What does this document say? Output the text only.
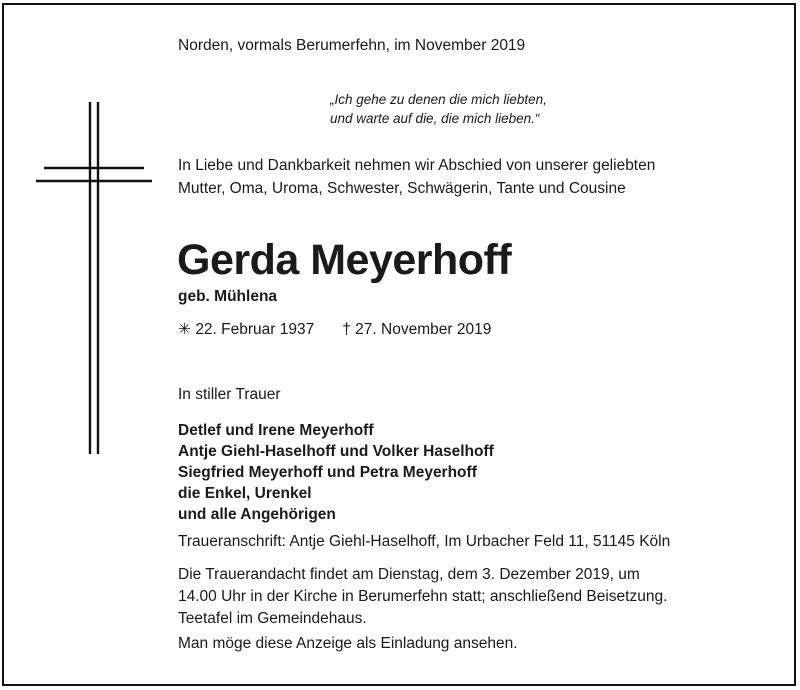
Norden, vormals Berumerfehn, im November 2019
„Ich gehe zu denen die mich liebten,
und warte auf die, die mich lieben.“
In Liebe und Dankbarkeit nehmen wir Abschied von unserer geliebten
Mutter, Oma, Uroma, Schwester, Schwägerin, Tante und Cousine
Gerda Meyerhoff
geb. Mühlena
✳ 22. Februar 1937 † 27. November 2019
In stiller Trauer
Detlef und Irene Meyerhoff
Antje Giehl-Haselhoff und Volker Haselhoff
Siegfried Meyerhoff und Petra Meyerhoff
die Enkel, Urenkel
und alle Angehörigen
Traueranschrift: Antje Giehl-Haselhoff, Im Urbacher Feld 11, 51145 Köln
Die Trauerandacht findet am Dienstag, dem 3. Dezember 2019, um
14.00 Uhr in der Kirche in Berumerfehn statt; anschließend Beisetzung.
Teetafel im Gemeindehaus.
Man möge diese Anzeige als Einladung ansehen.
